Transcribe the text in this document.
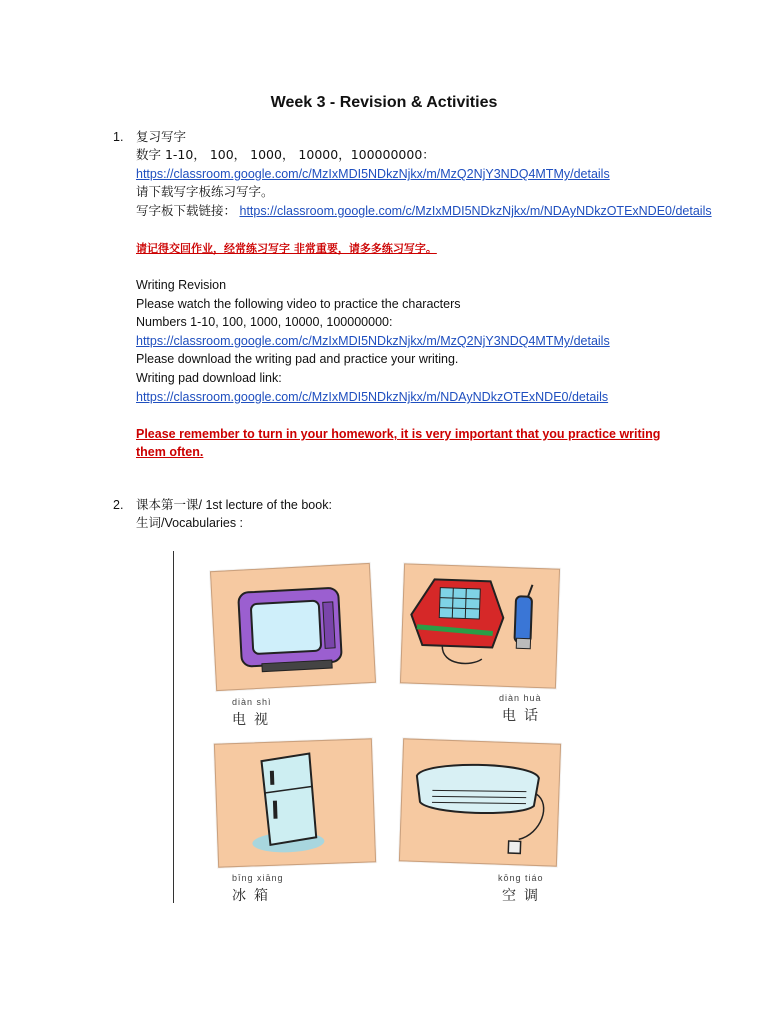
Week 3 - Revision & Activities
1. 复习写字
数字 1-10， 100， 1000， 10000，100000000：
https://classroom.google.com/c/MzIxMDI5NDkzNjkx/m/MzQ2NjY3NDQ4MTMy/details
请下载写字板练习写字。
写字板下载链接： https://classroom.google.com/c/MzIxMDI5NDkzNjkx/m/NDAyNDkzOTExNDE0/details
请记得交回作业，经常练习写字 非常重要，请多多练习写字。
Writing Revision
Please watch the following video to practice the characters
Numbers 1-10, 100, 1000, 10000, 100000000:
https://classroom.google.com/c/MzIxMDI5NDkzNjkx/m/MzQ2NjY3NDQ4MTMy/details
Please download the writing pad and practice your writing.
Writing pad download link:
https://classroom.google.com/c/MzIxMDI5NDkzNjkx/m/NDAyNDkzOTExNDE0/details
Please remember to turn in your homework, it is very important that you practice writing
them often.
2. 课本第一课/ 1st lecture of the book:
生词/Vocabularies :
diàn shì
电视
diàn huà
电话
bīng xiāng
冰箱
kōng tiáo
空调
